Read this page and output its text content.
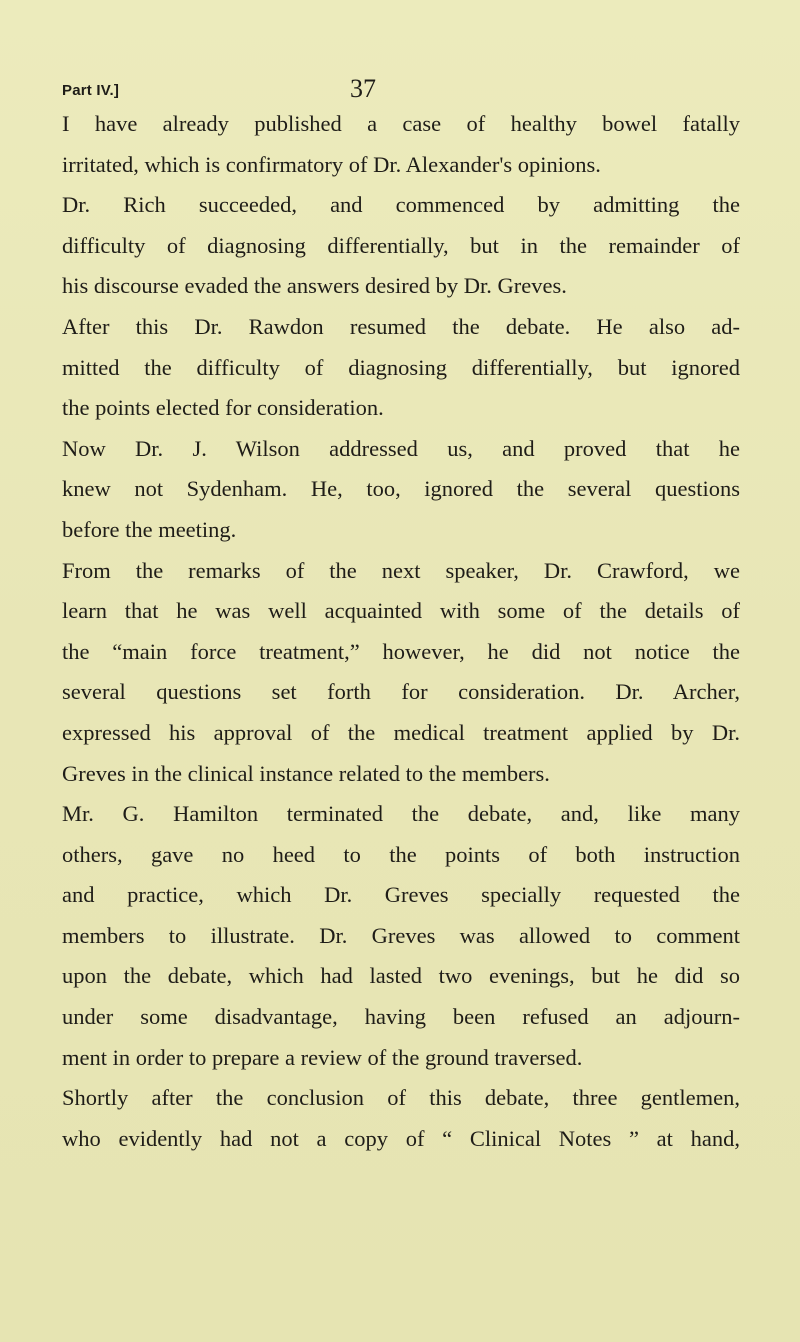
Part IV.]	37

I have already published a case of healthy bowel fatally
irritated, which is confirmatory of Dr. Alexander's opinions.

Dr. Rich succeeded, and commenced by admitting the
difficulty of diagnosing differentially, but in the remainder of
his discourse evaded the answers desired by Dr. Greves.

After this Dr. Rawdon resumed the debate. He also ad-
mitted the difficulty of diagnosing differentially, but ignored
the points elected for consideration.

Now Dr. J. Wilson addressed us, and proved that he
knew not Sydenham. He, too, ignored the several questions
before the meeting.

From the remarks of the next speaker, Dr. Crawford, we
learn that he was well acquainted with some of the details of
the “main force treatment,” however, he did not notice the
several questions set forth for consideration. Dr. Archer,
expressed his approval of the medical treatment applied by Dr.
Greves in the clinical instance related to the members.

Mr. G. Hamilton terminated the debate, and, like many
others, gave no heed to the points of both instruction
and practice, which Dr. Greves specially requested the
members to illustrate. Dr. Greves was allowed to comment
upon the debate, which had lasted two evenings, but he did so
under some disadvantage, having been refused an adjourn-
ment in order to prepare a review of the ground traversed.

Shortly after the conclusion of this debate, three gentlemen,
who evidently had not a copy of “ Clinical Notes ” at hand,
